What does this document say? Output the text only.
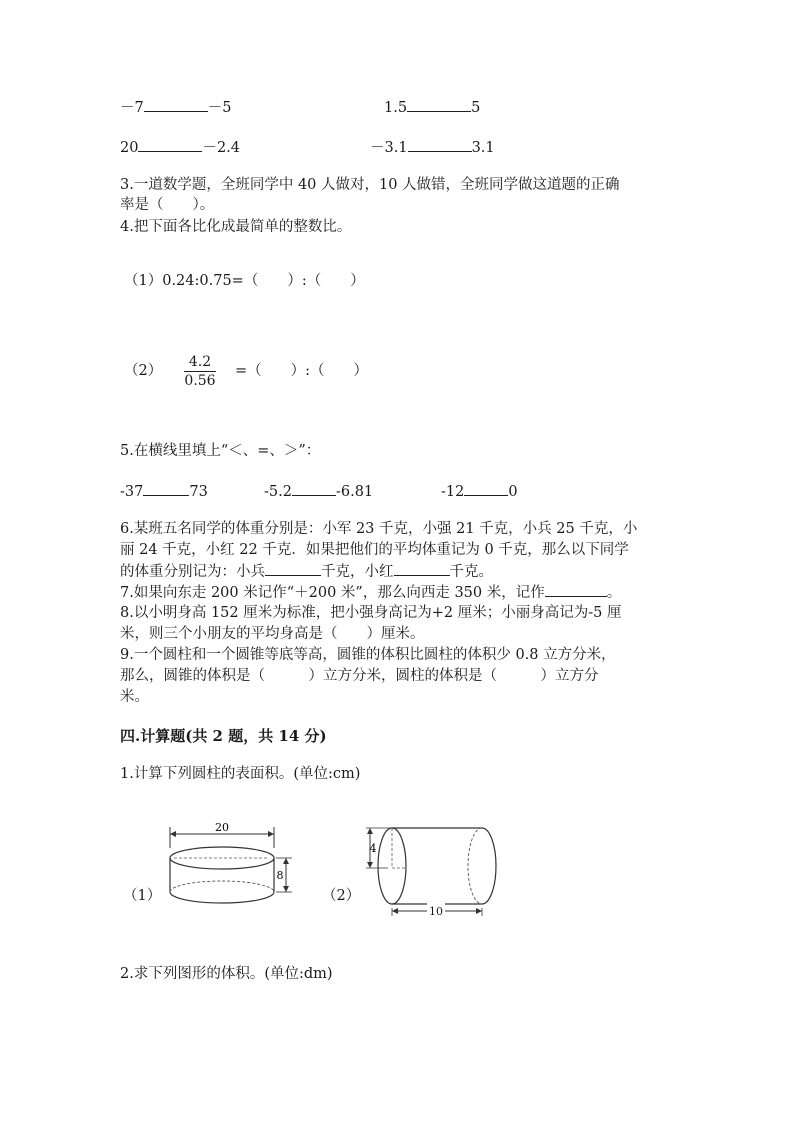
－7	－5	1.5	5
20	－2.4	－3.1	3.1
3.一道数学题，全班同学中 40 人做对，10 人做错，全班同学做这道题的正确
率是（　　）。
4.把下面各比化成最简单的整数比。
（1）0.24:0.75=（　　）:（　　）
（2）
4.2
0.56
=（　　）:（　　）
5.在横线里填上“＜、=、＞”：
-37	73	-5.2	-6.81	-12	0
6.某班五名同学的体重分别是：小军 23 千克，小强 21 千克，小兵 25 千克，小
丽 24 千克，小红 22 千克．如果把他们的平均体重记为 0 千克，那么以下同学
的体重分别记为：小兵	千克，小红	千克。
7.如果向东走 200 米记作“＋200 米”，那么向西走 350 米，记作	。
8.以小明身高 152 厘米为标准，把小强身高记为+2 厘米；小丽身高记为-5 厘
米，则三个小朋友的平均身高是（　　）厘米。
9.一个圆柱和一个圆锥等底等高，圆锥的体积比圆柱的体积少 0.8 立方分米，
那么，圆锥的体积是（　　　）立方分米，圆柱的体积是（　　　）立方分
米。
四.计算题(共 2 题，共 14 分)
1.计算下列圆柱的表面积。(单位:cm)
（1）
20
8
（2）
4
10
2.求下列图形的体积。(单位:dm)
